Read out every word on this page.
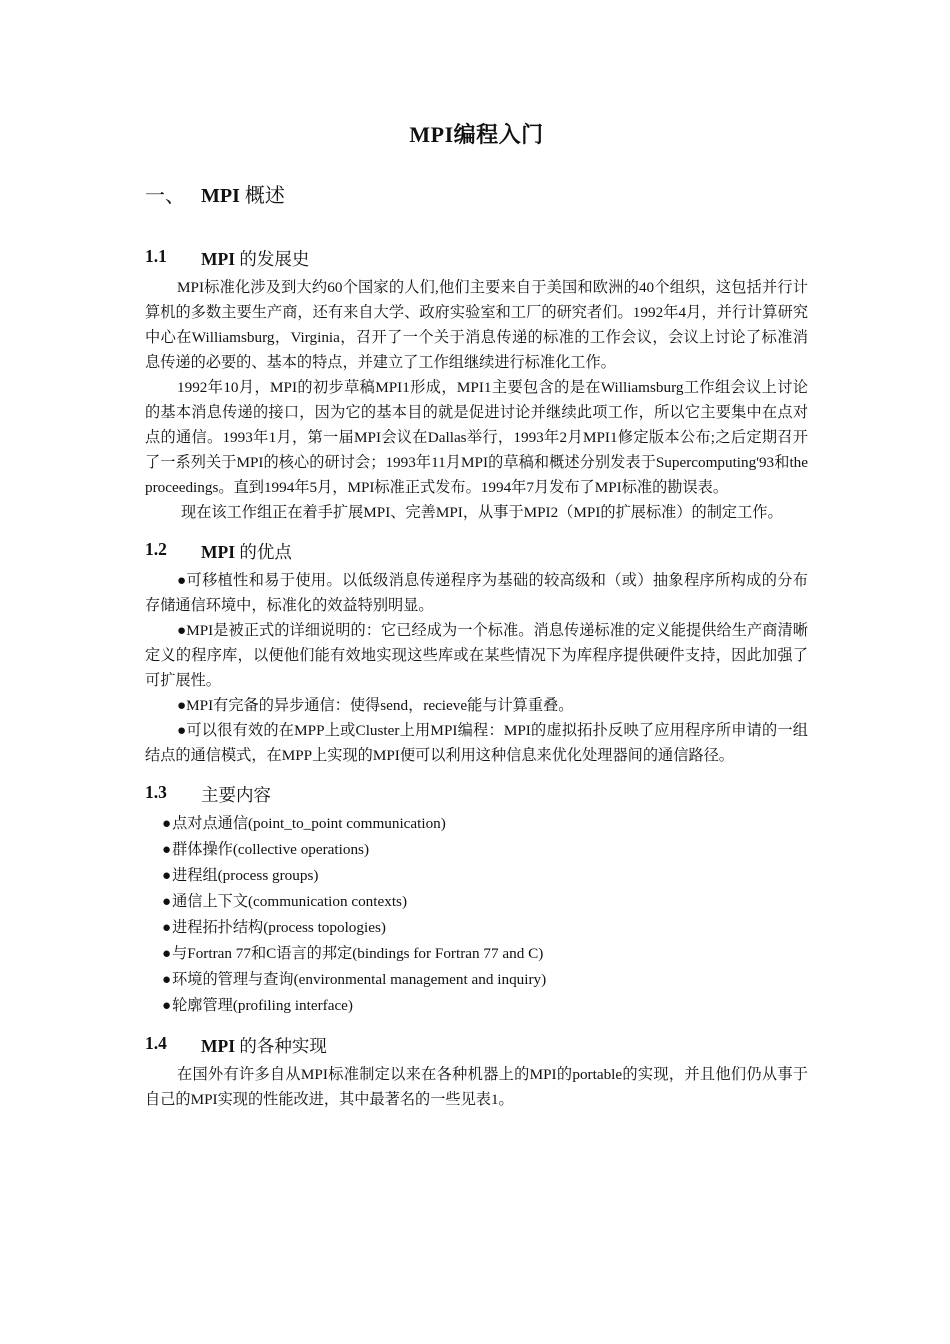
MPI编程入门
一、 MPI 概述
1.1	MPI 的发展史

MPI标准化涉及到大约60个国家的人们,他们主要来自于美国和欧洲的40个组织，这包括并行计算机的多数主要生产商，还有来自大学、政府实验室和工厂的研究者们。1992年4月，并行计算研究中心在Williamsburg，Virginia，召开了一个关于消息传递的标准的工作会议，会议上讨论了标准消息传递的必要的、基本的特点，并建立了工作组继续进行标准化工作。

1992年10月，MPI的初步草稿MPI1形成，MPI1主要包含的是在Williamsburg工作组会议上讨论的基本消息传递的接口，因为它的基本目的就是促进讨论并继续此项工作，所以它主要集中在点对点的通信。1993年1月，第一届MPI会议在Dallas举行，1993年2月MPI1修定版本公布;之后定期召开了一系列关于MPI的核心的研讨会；1993年11月MPI的草稿和概述分别发表于Supercomputing'93和the proceedings。直到1994年5月，MPI标准正式发布。1994年7月发布了MPI标准的勘误表。

现在该工作组正在着手扩展MPI、完善MPI，从事于MPI2（MPI的扩展标准）的制定工作。

1.2	MPI 的优点

●可移植性和易于使用。以低级消息传递程序为基础的较高级和（或）抽象程序所构成的分布存储通信环境中，标准化的效益特别明显。

●MPI是被正式的详细说明的：它已经成为一个标准。消息传递标准的定义能提供给生产商清晰定义的程序库，以便他们能有效地实现这些库或在某些情况下为库程序提供硬件支持，因此加强了可扩展性。

●MPI有完备的异步通信：使得send，recieve能与计算重叠。

●可以很有效的在MPP上或Cluster上用MPI编程：MPI的虚拟拓扑反映了应用程序所申请的一组结点的通信模式，在MPP上实现的MPI便可以利用这种信息来优化处理器间的通信路径。

1.3	主要内容
●点对点通信(point_to_point communication)
●群体操作(collective operations)
●进程组(process groups)
●通信上下文(communication contexts)
●进程拓扑结构(process topologies)
●与Fortran 77和C语言的邦定(bindings for Fortran 77 and C)
●环境的管理与查询(environmental management and inquiry)
●轮廓管理(profiling interface)
1.4	MPI 的各种实现

在国外有许多自从MPI标准制定以来在各种机器上的MPI的portable的实现，并且他们仍从事于自己的MPI实现的性能改进，其中最著名的一些见表1。
